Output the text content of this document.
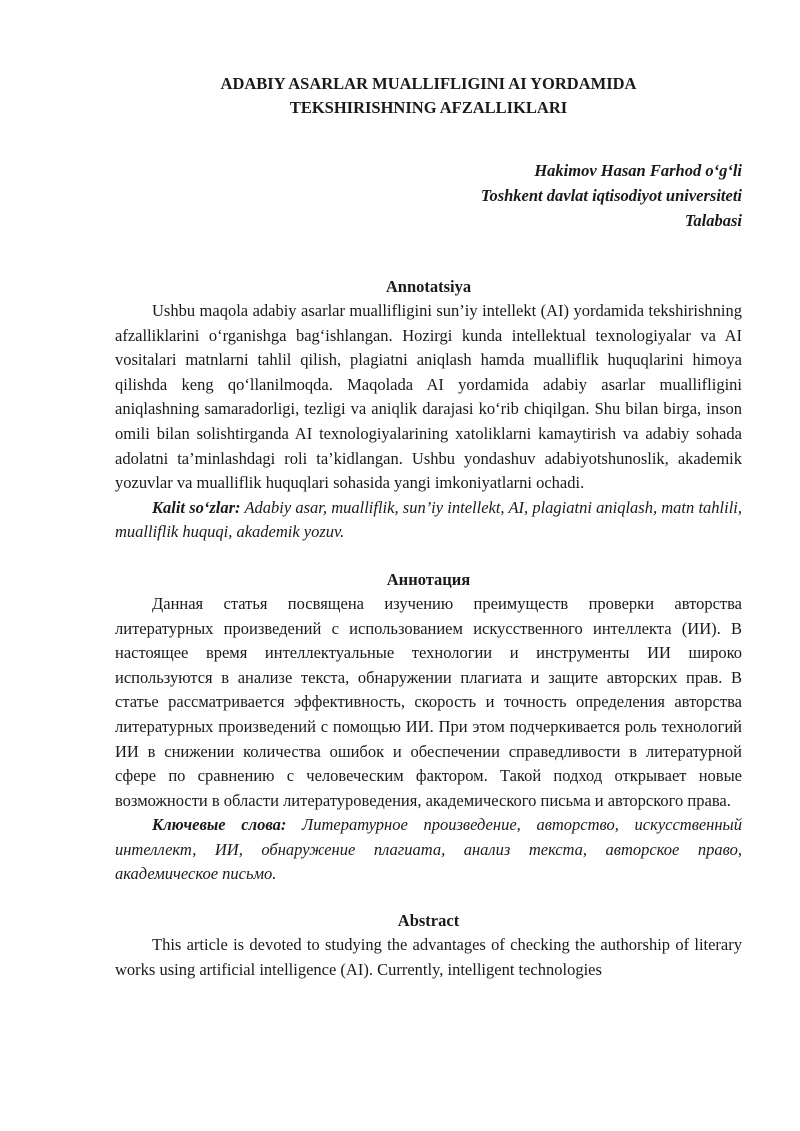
ADABIY ASARLAR MUALLIFLIGINI AI YORDAMIDA
TEKSHIRISHNING AFZALLIKLARI
Hakimov Hasan Farhod o‘g‘li
Toshkent davlat iqtisodiyot universiteti
Talabasi
Annotatsiya

Ushbu maqola adabiy asarlar muallifligini sun’iy intellekt (AI) yordamida tekshirishning afzalliklarini o‘rganishga bag‘ishlangan. Hozirgi kunda intellektual texnologiyalar va AI vositalari matnlarni tahlil qilish, plagiatni aniqlash hamda mualliflik huquqlarini himoya qilishda keng qo‘llanilmoqda. Maqolada AI yordamida adabiy asarlar muallifligini aniqlashning samaradorligi, tezligi va aniqlik darajasi ko‘rib chiqilgan. Shu bilan birga, inson omili bilan solishtirganda AI texnologiyalarining xatoliklarni kamaytirish va adabiy sohada adolatni ta’minlashdagi roli ta’kidlangan. Ushbu yondashuv adabiyotshunoslik, akademik yozuvlar va mualliflik huquqlari sohasida yangi imkoniyatlarni ochadi.

Kalit so‘zlar: Adabiy asar, mualliflik, sun’iy intellekt, AI, plagiatni aniqlash, matn tahlili, mualliflik huquqi, akademik yozuv.

Аннотация

Данная статья посвящена изучению преимуществ проверки авторства литературных произведений с использованием искусственного интеллекта (ИИ). В настоящее время интеллектуальные технологии и инструменты ИИ широко используются в анализе текста, обнаружении плагиата и защите авторских прав. В статье рассматривается эффективность, скорость и точность определения авторства литературных произведений с помощью ИИ. При этом подчеркивается роль технологий ИИ в снижении количества ошибок и обеспечении справедливости в литературной сфере по сравнению с человеческим фактором. Такой подход открывает новые возможности в области литературоведения, академического письма и авторского права.

Ключевые слова: Литературное произведение, авторство, искусственный интеллект, ИИ, обнаружение плагиата, анализ текста, авторское право, академическое письмо.

Abstract

This article is devoted to studying the advantages of checking the authorship of literary works using artificial intelligence (AI). Currently, intelligent technologies
